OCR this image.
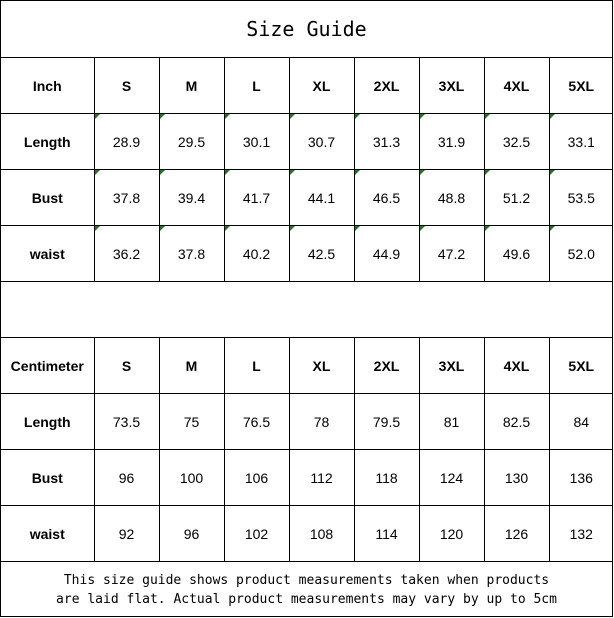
Size Guide
Inch	S	M	L	XL	2XL	3XL	4XL	5XL
Length	28.9	29.5	30.1	30.7	31.3	31.9	32.5	33.1
Bust	37.8	39.4	41.7	44.1	46.5	48.8	51.2	53.5
waist	36.2	37.8	40.2	42.5	44.9	47.2	49.6	52.0
Centimeter	S	M	L	XL	2XL	3XL	4XL	5XL
Length	73.5	75	76.5	78	79.5	81	82.5	84
Bust	96	100	106	112	118	124	130	136
waist	92	96	102	108	114	120	126	132
This size guide shows product measurements taken when products
are laid flat. Actual product measurements may vary by up to 5cm
